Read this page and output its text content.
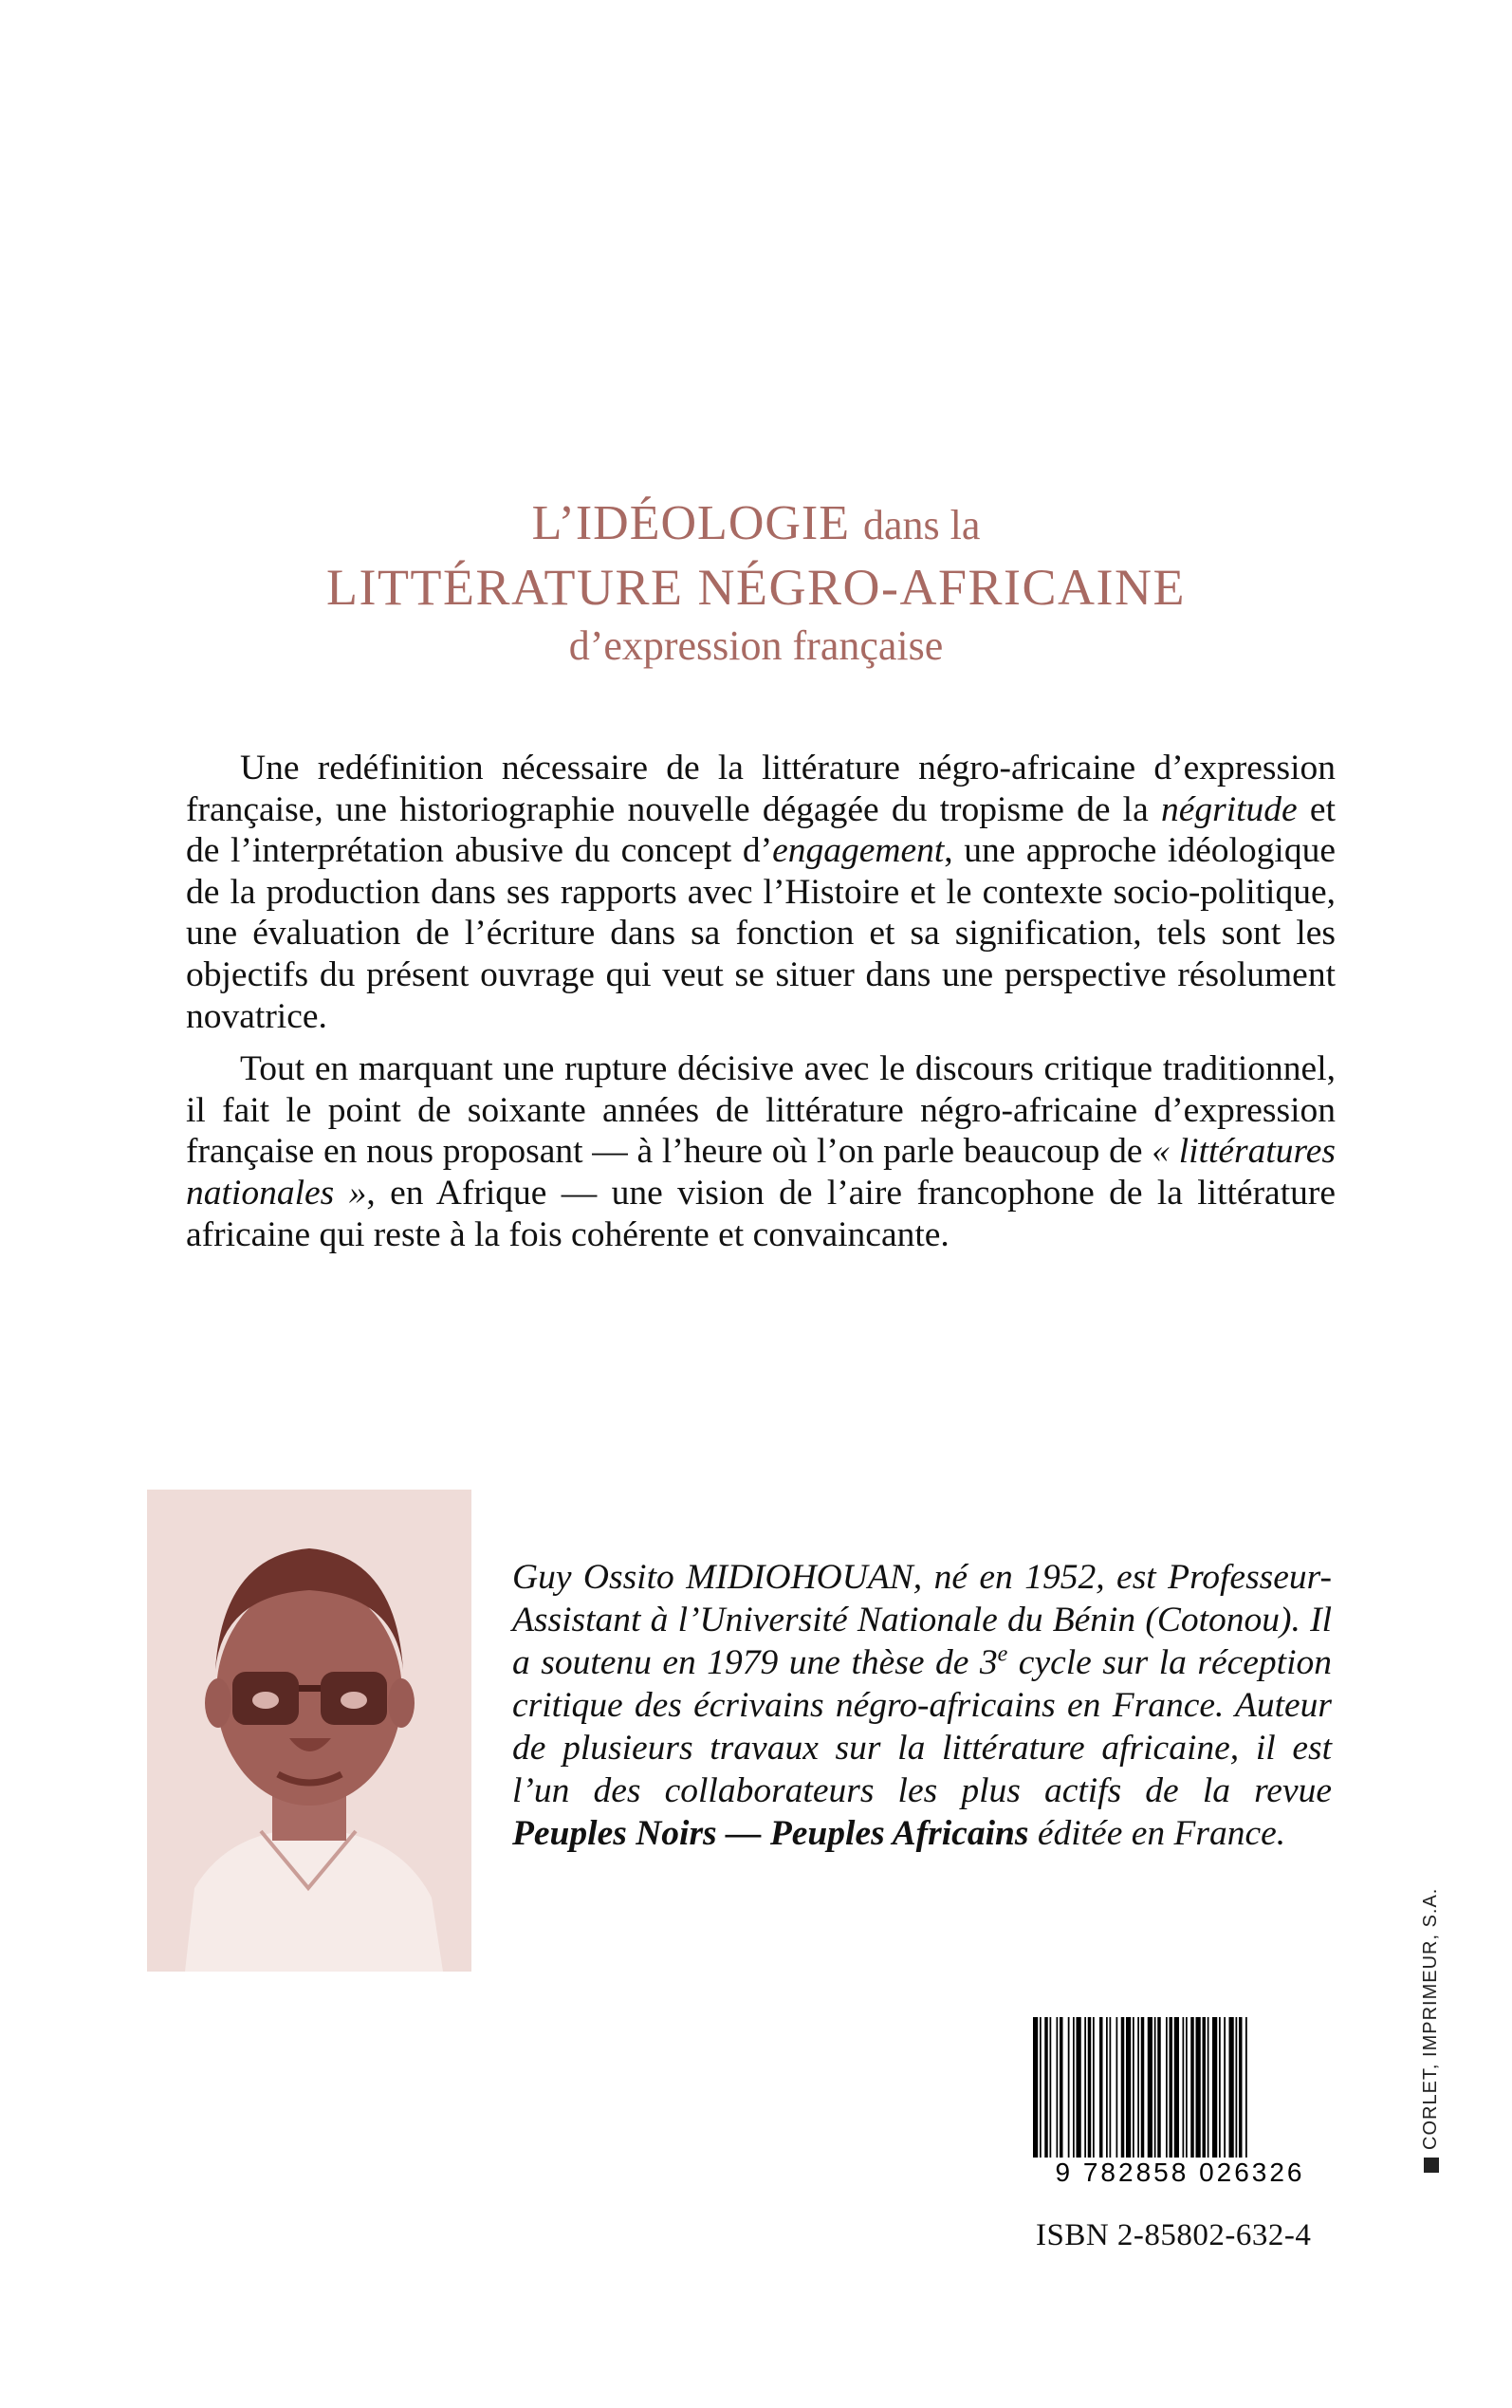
L’IDÉOLOGIE dans la
LITTÉRATURE NÉGRO-AFRICAINE
d’expression française

Une redéfinition nécessaire de la littérature négro-africaine d’expression française, une historiographie nouvelle dégagée du tropisme de la négritude et de l’interprétation abusive du concept d’engagement, une approche idéologique de la production dans ses rapports avec l’Histoire et le contexte socio-politique, une évaluation de l’écriture dans sa fonction et sa signification, tels sont les objectifs du présent ouvrage qui veut se situer dans une perspective résolument novatrice.

Tout en marquant une rupture décisive avec le discours critique traditionnel, il fait le point de soixante années de littérature négro-africaine d’expression française en nous proposant — à l’heure où l’on parle beaucoup de « littératures nationales », en Afrique — une vision de l’aire francophone de la littérature africaine qui reste à la fois cohérente et convaincante.

Guy Ossito MIDIOHOUAN, né en 1952, est Professeur-Assistant à l’Université Nationale du Bénin (Cotonou). Il a soutenu en 1979 une thèse de 3e cycle sur la réception critique des écrivains négro-africains en France. Auteur de plusieurs travaux sur la littérature africaine, il est l’un des collaborateurs les plus actifs de la revue Peuples Noirs — Peuples Africains éditée en France.
9 782858 026326
ISBN 2-85802-632-4
CORLET, IMPRIMEUR, S.A.
